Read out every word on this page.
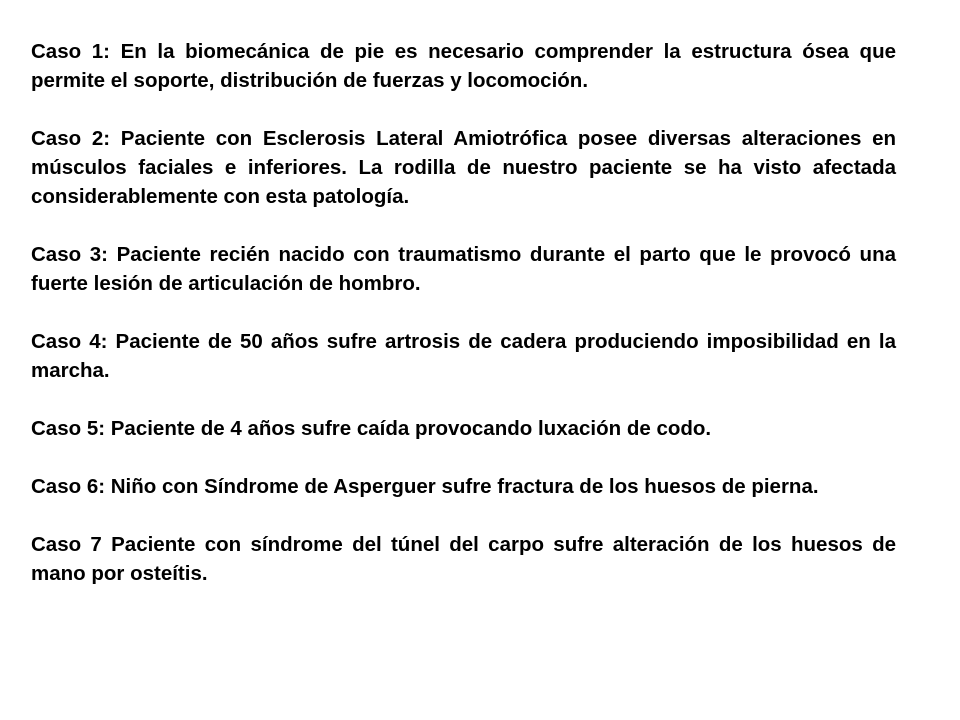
Caso 1: En la biomecánica de pie es necesario comprender la estructura ósea que permite el soporte, distribución de fuerzas y locomoción.

Caso 2: Paciente con Esclerosis Lateral Amiotrófica posee diversas alteraciones en músculos faciales e inferiores. La rodilla de nuestro paciente se ha visto afectada considerablemente con esta patología.

Caso 3: Paciente recién nacido con traumatismo durante el parto que le provocó una fuerte lesión de articulación de hombro.

Caso 4: Paciente de 50 años sufre artrosis de cadera produciendo imposibilidad en la marcha.

Caso 5: Paciente de 4 años sufre caída provocando luxación de codo.

Caso 6: Niño con Síndrome de Asperguer sufre fractura de los huesos de pierna.

Caso 7 Paciente con síndrome del túnel del carpo sufre alteración de los huesos de mano por osteítis.
